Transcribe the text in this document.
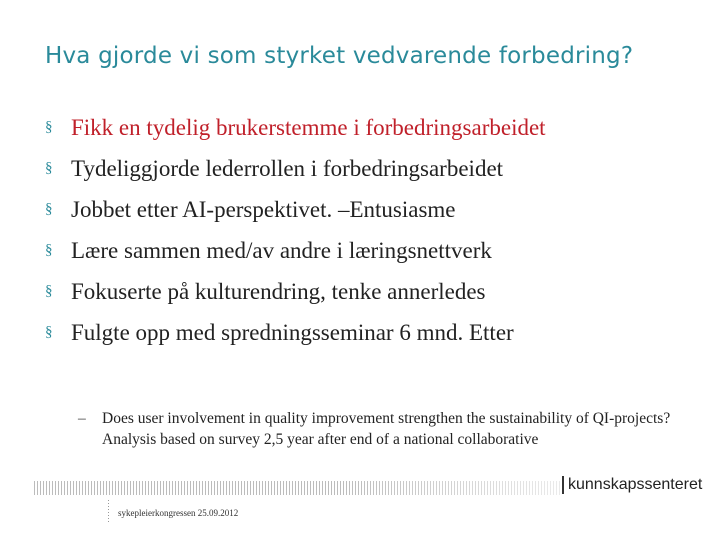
Hva gjorde vi som styrket vedvarende forbedring?
§ Fikk en tydelig brukerstemme i forbedringsarbeidet
§ Tydeliggjorde lederrollen i forbedringsarbeidet
§ Jobbet etter AI-perspektivet. –Entusiasme
§ Lære sammen med/av andre i læringsnettverk
§ Fokuserte på kulturendring, tenke annerledes
§ Fulgte opp med spredningsseminar 6 mnd. Etter
– Does user involvement in quality improvement strengthen the sustainability of QI-projects? Analysis based on survey 2,5 year after end of a national collaborative
kunnskapssenteret
sykepleierkongressen 25.09.2012
